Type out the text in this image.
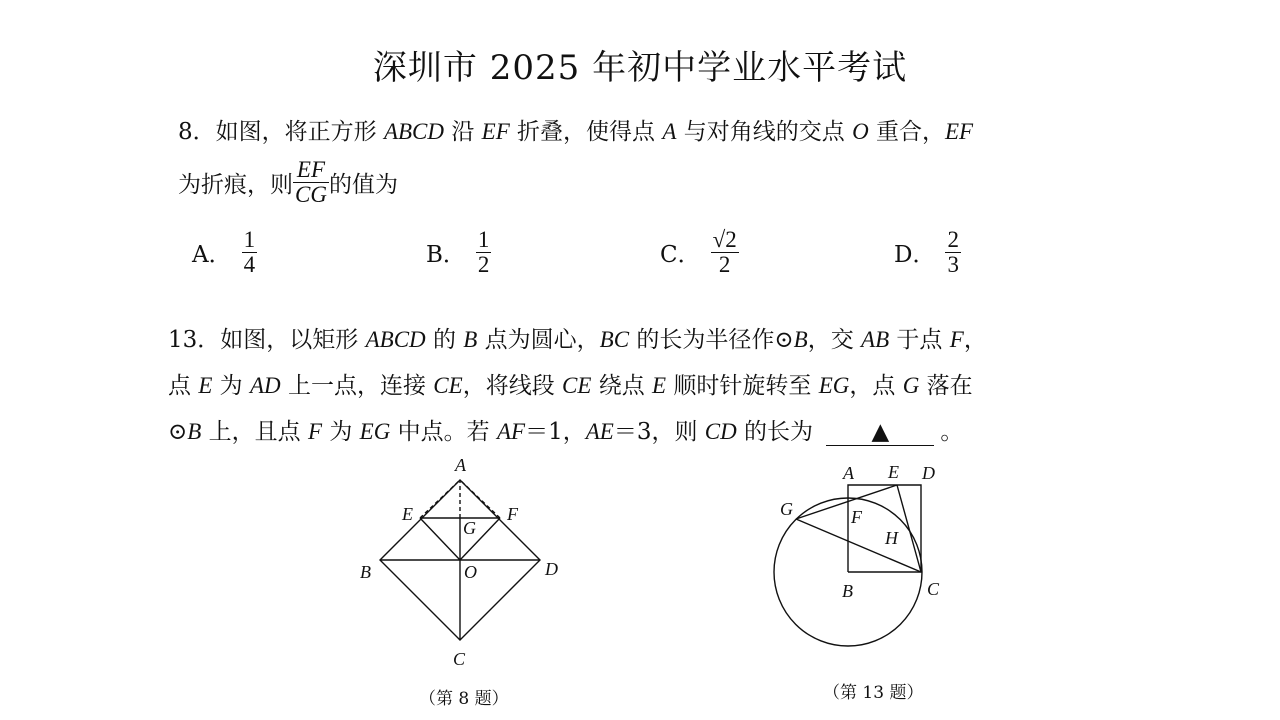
深圳市 2025 年初中学业水平考试
8．如图，将正方形 ABCD 沿 EF 折叠，使得点 A 与对角线的交点 O 重合，EF
为折痕，则 $\frac{EF}{CG}$ 的值为
A． $\frac{1}{4}$	B． $\frac{1}{2}$	C． $\frac{√2}{2}$	D． $\frac{2}{3}$
13．如图，以矩形 ABCD 的 B 点为圆心，BC 的长为半径作⊙B，交 AB 于点 F，
点 E 为 AD 上一点，连接 CE，将线段 CE 绕点 E 顺时针旋转至 EG，点 G 落在
⊙B 上，且点 F 为 EG 中点。若 AF＝1，AE＝3，则 CD 的长为 ▲ 。
A
E	F
G
B	O	D
C
（第 8 题）
A E D
G	F
H
B	C
（第 13 题）
